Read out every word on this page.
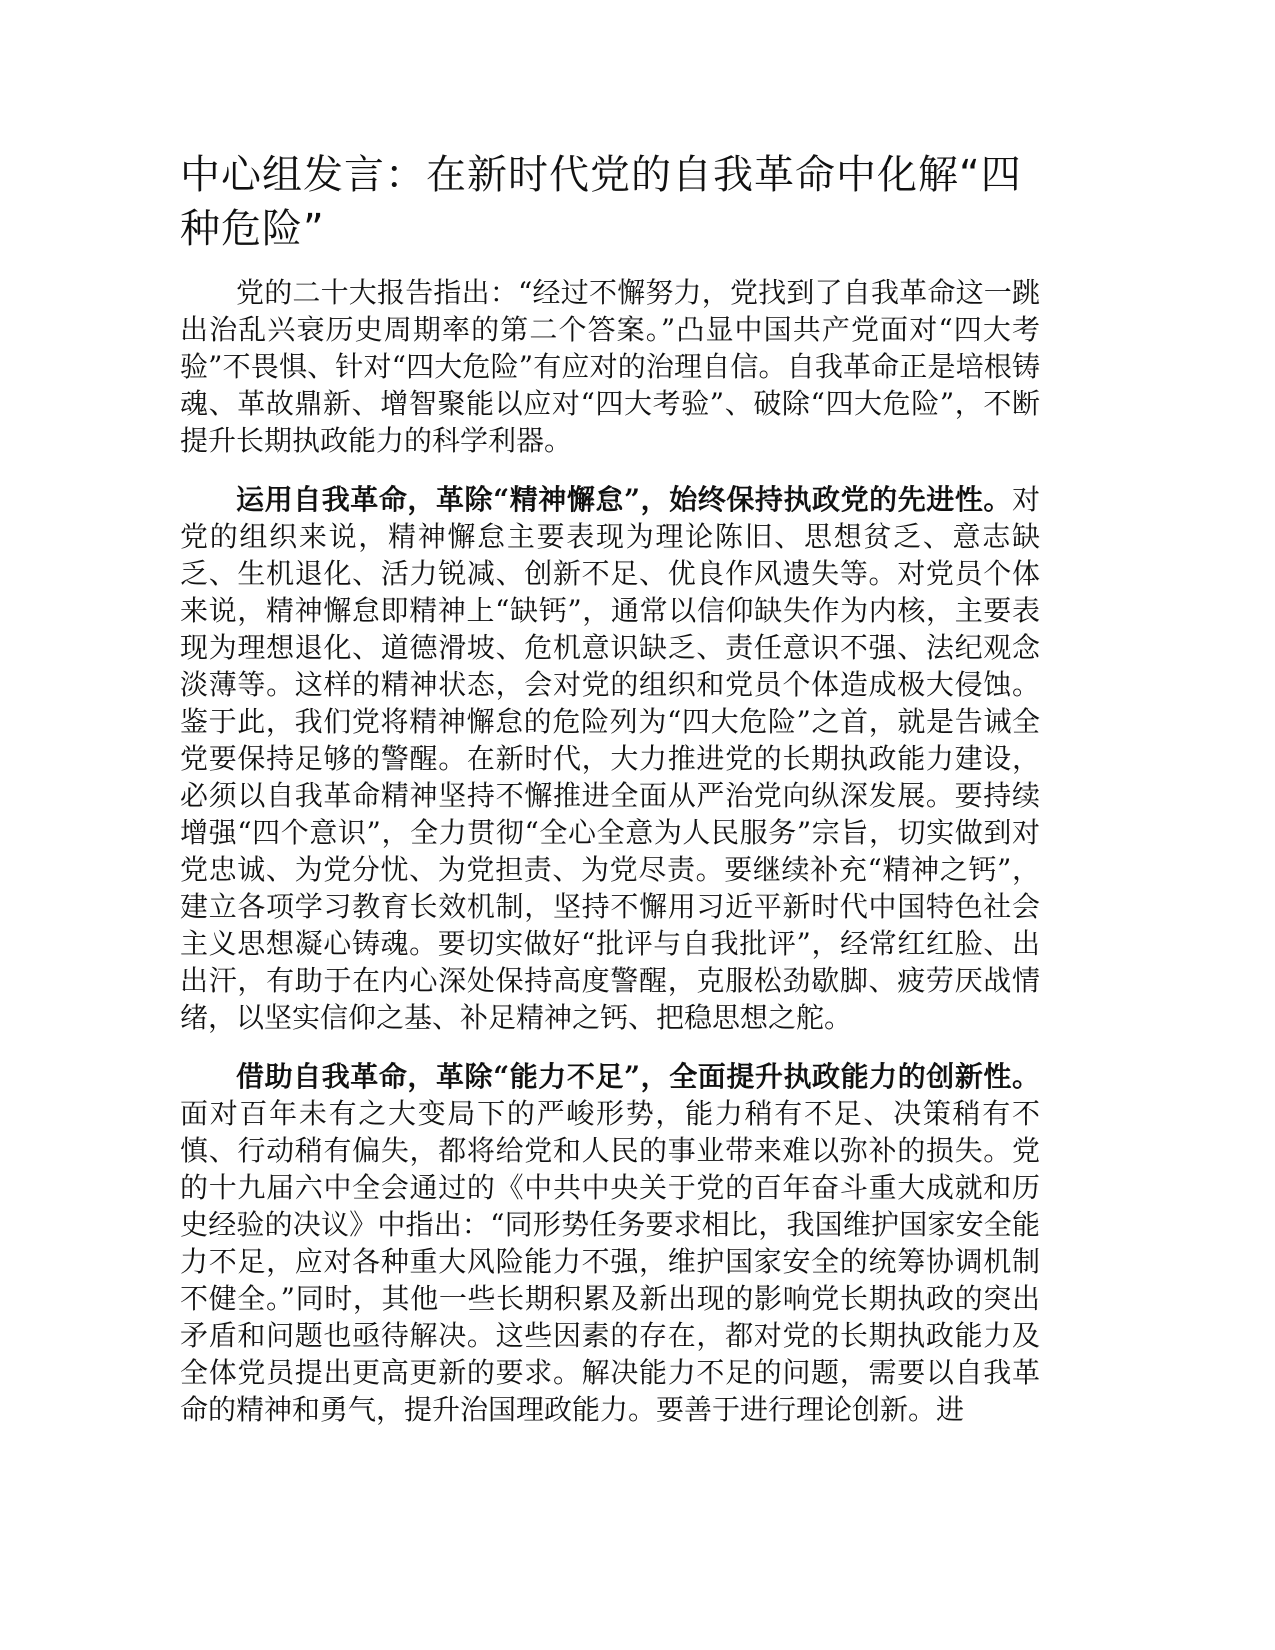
中心组发言：在新时代党的自我革命中化解“四种危险”

党的二十大报告指出：“经过不懈努力，党找到了自我革命这一跳出治乱兴衰历史周期率的第二个答案。”凸显中国共产党面对“四大考验”不畏惧、针对“四大危险”有应对的治理自信。自我革命正是培根铸魂、革故鼎新、增智聚能以应对“四大考验”、破除“四大危险”，不断提升长期执政能力的科学利器。

运用自我革命，革除“精神懈怠”，始终保持执政党的先进性。对党的组织来说，精神懈怠主要表现为理论陈旧、思想贫乏、意志缺乏、生机退化、活力锐减、创新不足、优良作风遗失等。对党员个体来说，精神懈怠即精神上“缺钙”，通常以信仰缺失作为内核，主要表现为理想退化、道德滑坡、危机意识缺乏、责任意识不强、法纪观念淡薄等。这样的精神状态，会对党的组织和党员个体造成极大侵蚀。鉴于此，我们党将精神懈怠的危险列为“四大危险”之首，就是告诫全党要保持足够的警醒。在新时代，大力推进党的长期执政能力建设，必须以自我革命精神坚持不懈推进全面从严治党向纵深发展。要持续增强“四个意识”，全力贯彻“全心全意为人民服务”宗旨，切实做到对党忠诚、为党分忧、为党担责、为党尽责。要继续补充“精神之钙”，建立各项学习教育长效机制，坚持不懈用习近平新时代中国特色社会主义思想凝心铸魂。要切实做好“批评与自我批评”，经常红红脸、出出汗，有助于在内心深处保持高度警醒，克服松劲歇脚、疲劳厌战情绪，以坚实信仰之基、补足精神之钙、把稳思想之舵。

借助自我革命，革除“能力不足”，全面提升执政能力的创新性。面对百年未有之大变局下的严峻形势，能力稍有不足、决策稍有不慎、行动稍有偏失，都将给党和人民的事业带来难以弥补的损失。党的十九届六中全会通过的《中共中央关于党的百年奋斗重大成就和历史经验的决议》中指出：“同形势任务要求相比，我国维护国家安全能力不足，应对各种重大风险能力不强，维护国家安全的统筹协调机制不健全。”同时，其他一些长期积累及新出现的影响党长期执政的突出矛盾和问题也亟待解决。这些因素的存在，都对党的长期执政能力及全体党员提出更高更新的要求。解决能力不足的问题，需要以自我革命的精神和勇气，提升治国理政能力。要善于进行理论创新。进
